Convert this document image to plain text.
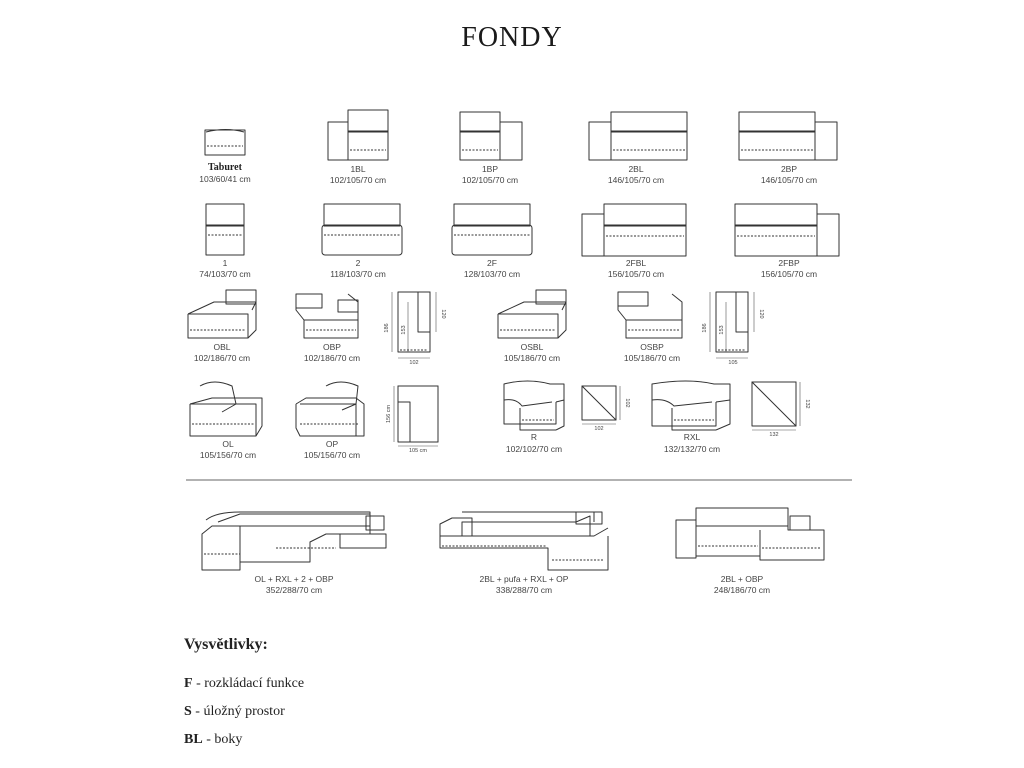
FONDY
186 153
120
102
186 153
120
105
156 cm
105 cm
102
102
132
132
Taburet
103/60/41 cm
1BL
102/105/70 cm
1BP
102/105/70 cm
2BL
146/105/70 cm
2BP
146/105/70 cm
1
74/103/70 cm
2
118/103/70 cm
2F
128/103/70 cm
2FBL
156/105/70 cm
2FBP
156/105/70 cm
OBL
102/186/70 cm
OBP
102/186/70 cm
OSBL
105/186/70 cm
OSBP
105/186/70 cm
OL
105/156/70 cm
OP
105/156/70 cm
R
102/102/70 cm
RXL
132/132/70 cm
OL + RXL + 2 + OBP
352/288/70 cm
2BL + pufa + RXL + OP
338/288/70 cm
2BL + OBP
248/186/70 cm
Vysvětlivky:
F - rozkládací funkce
S - úložný prostor
BL - boky
